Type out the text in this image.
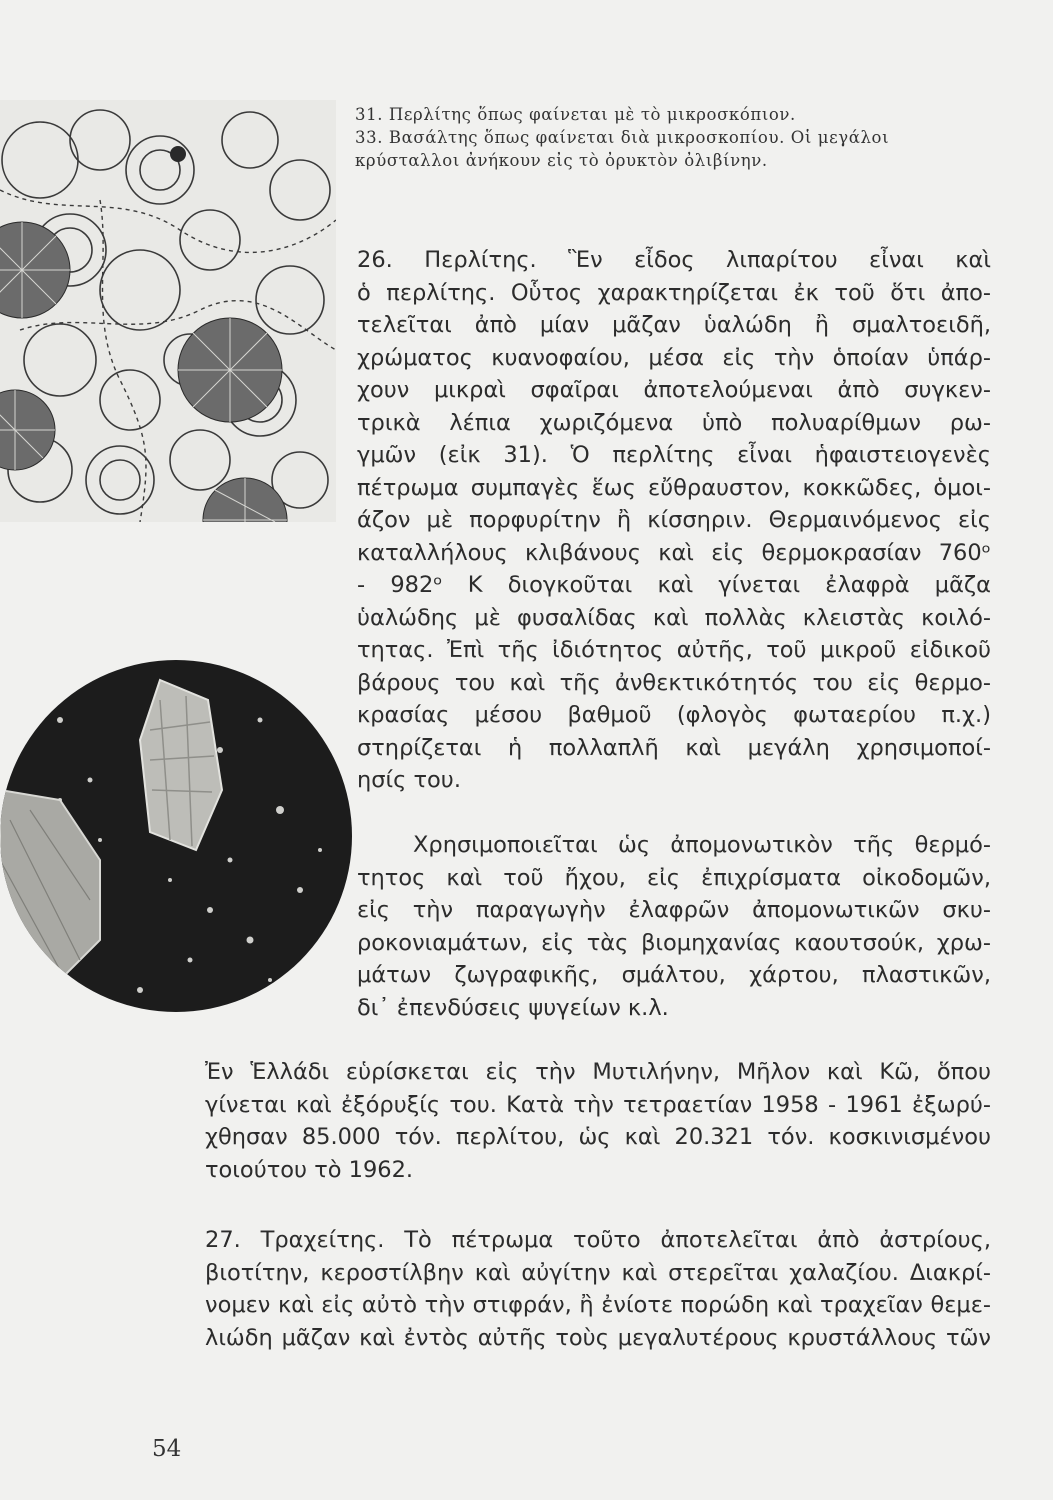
31. Περλίτης ὅπως φαίνεται μὲ τὸ μικροσκόπιον.

33. Βασάλτης ὅπως φαίνεται διὰ μικροσκοπίου. Οἱ μεγάλοι

κρύσταλλοι ἀνήκουν εἰς τὸ ὀρυκτὸν ὀλιβίνην.

26. Περλίτης. Ἓν εἶδος λιπαρίτου εἶναι καὶ

ὁ περλίτης. Οὗτος χαρακτηρίζεται ἐκ τοῦ ὅτι ἀπο-

τελεῖται ἀπὸ μίαν μᾶζαν ὑαλώδη ἢ σμαλτοειδῆ,

χρώματος κυανοφαίου, μέσα εἰς τὴν ὁποίαν ὑπάρ-

χουν μικραὶ σφαῖραι ἀποτελούμεναι ἀπὸ συγκεν-

τρικὰ λέπια χωριζόμενα ὑπὸ πολυαρίθμων ρω-

γμῶν (εἰκ 31). Ὁ περλίτης εἶναι ἡφαιστειογενὲς

πέτρωμα συμπαγὲς ἕως εὔθραυστον, κοκκῶδες, ὁμοι-

άζον μὲ πορφυρίτην ἢ κίσσηριν. Θερμαινόμενος εἰς

καταλλήλους κλιβάνους καὶ εἰς θερμοκρασίαν 760ᵒ

- 982ᵒ Κ διογκοῦται καὶ γίνεται ἐλαφρὰ μᾶζα

ὑαλώδης μὲ φυσαλίδας καὶ πολλὰς κλειστὰς κοιλό-

τητας. Ἐπὶ τῆς ἰδιότητος αὐτῆς, τοῦ μικροῦ εἰδικοῦ

βάρους του καὶ τῆς ἀνθεκτικότητός του εἰς θερμο-

κρασίας μέσου βαθμοῦ (φλογὸς φωταερίου π.χ.)

στηρίζεται ἡ πολλαπλῆ καὶ μεγάλη χρησιμοποί-

ησίς του.

Χρησιμοποιεῖται ὡς ἀπομονωτικὸν τῆς θερμό-

τητος καὶ τοῦ ἤχου, εἰς ἐπιχρίσματα οἰκοδομῶν,

εἰς τὴν παραγωγὴν ἐλαφρῶν ἀπομονωτικῶν σκυ-

ροκονιαμάτων, εἰς τὰς βιομηχανίας καουτσούκ, χρω-

μάτων ζωγραφικῆς, σμάλτου, χάρτου, πλαστικῶν,

δι᾿ ἐπενδύσεις ψυγείων κ.λ.

Ἐν Ἑλλάδι εὑρίσκεται εἰς τὴν Μυτιλήνην, Μῆλον καὶ Κῶ, ὅπου

γίνεται καὶ ἐξόρυξίς του. Κατὰ τὴν τετραετίαν 1958 - 1961 ἐξωρύ-

χθησαν 85.000 τόν. περλίτου, ὡς καὶ 20.321 τόν. κοσκινισμένου

τοιούτου τὸ 1962.

27. Τραχείτης. Τὸ πέτρωμα τοῦτο ἀποτελεῖται ἀπὸ ἀστρίους,

βιοτίτην, κεροστίλβην καὶ αὐγίτην καὶ στερεῖται χαλαζίου. Διακρί-

νομεν καὶ εἰς αὐτὸ τὴν στιφράν, ἢ ἐνίοτε πορώδη καὶ τραχεῖαν θεμε-

λιώδη μᾶζαν καὶ ἐντὸς αὐτῆς τοὺς μεγαλυτέρους κρυστάλλους τῶν

54
